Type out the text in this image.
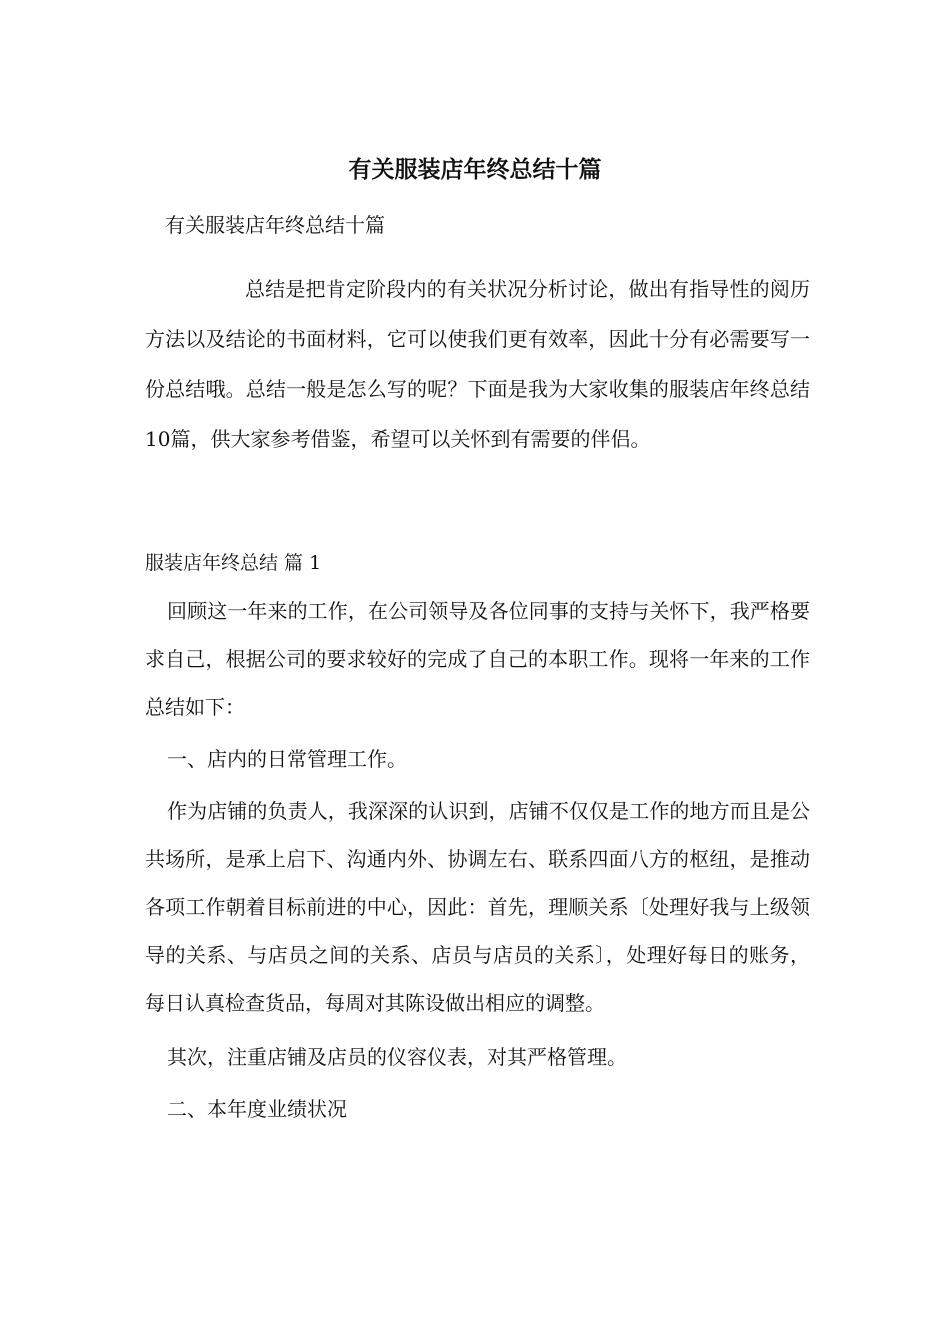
有关服装店年终总结十篇

有关服装店年终总结十篇

总结是把肯定阶段内的有关状况分析讨论，做出有指导性的阅历方法以及结论的书面材料，它可以使我们更有效率，因此十分有必需要写一份总结哦。总结一般是怎么写的呢？下面是我为大家收集的服装店年终总结10篇，供大家参考借鉴，希望可以关怀到有需要的伴侣。

服装店年终总结 篇 1

回顾这一年来的工作，在公司领导及各位同事的支持与关怀下，我严格要求自己，根据公司的要求较好的完成了自己的本职工作。现将一年来的工作总结如下：

一、店内的日常管理工作。

作为店铺的负责人，我深深的认识到，店铺不仅仅是工作的地方而且是公共场所，是承上启下、沟通内外、协调左右、联系四面八方的枢纽，是推动各项工作朝着目标前进的中心，因此：首先，理顺关系〔处理好我与上级领导的关系、与店员之间的关系、店员与店员的关系〕，处理好每日的账务，每日认真检查货品，每周对其陈设做出相应的调整。

其次，注重店铺及店员的仪容仪表，对其严格管理。

二、本年度业绩状况
